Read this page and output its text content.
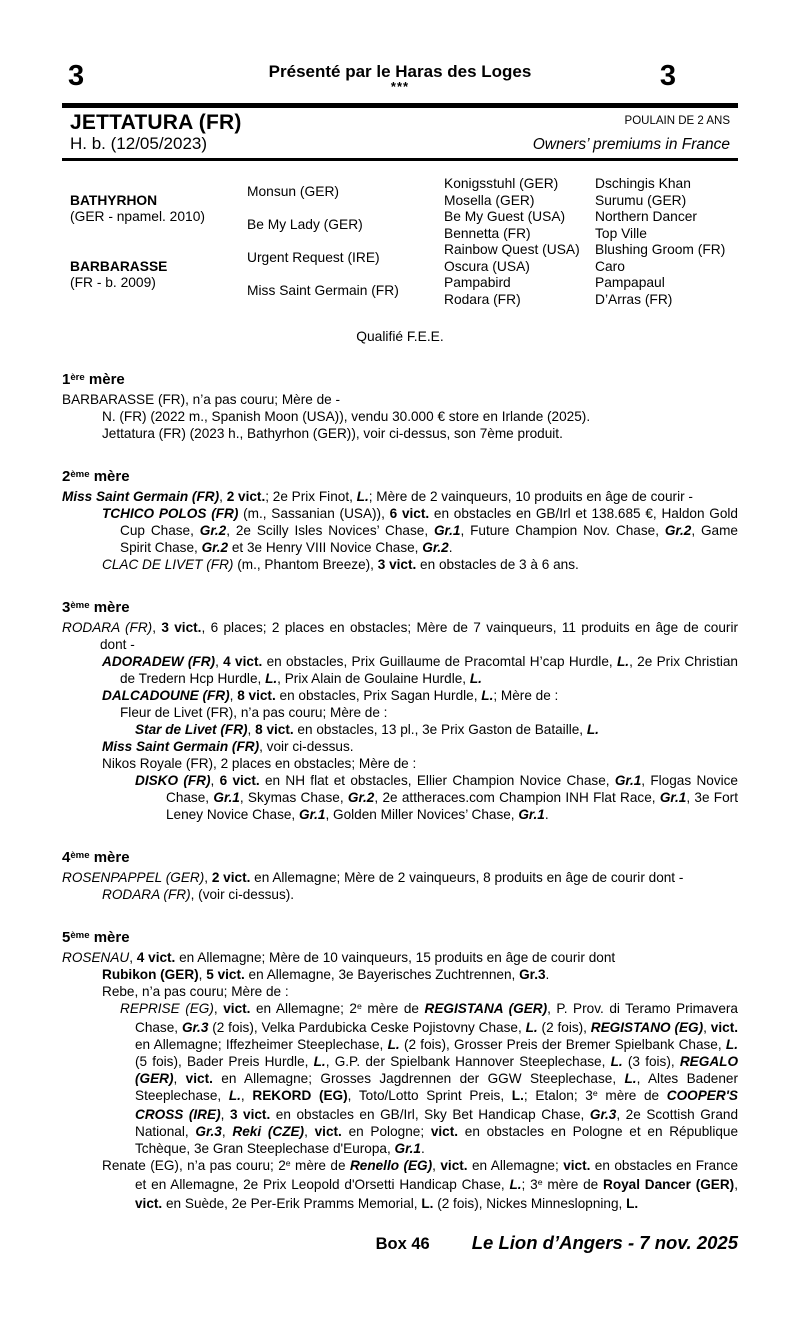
3	Présenté par le Haras des Loges
***	3
JETTATURA (FR)
H. b. (12/05/2023)
POULAIN DE 2 ANS
Owners’ premiums in France
BATHYRHON
(GER - npamel. 2010)
BARBARASSE
(FR - b. 2009)
Monsun (GER)
Be My Lady (GER)
Urgent Request (IRE)
Miss Saint Germain (FR)
Konigsstuhl (GER)
Mosella (GER)
Be My Guest (USA)
Bennetta (FR)
Rainbow Quest (USA)
Oscura (USA)
Pampabird
Rodara (FR)
Dschingis Khan
Surumu (GER)
Northern Dancer
Top Ville
Blushing Groom (FR)
Caro
Pampapaul
D’Arras (FR)
Qualifié F.E.E.
1ère mère

BARBARASSE (FR), n’a pas couru; Mère de -

N. (FR) (2022 m., Spanish Moon (USA)), vendu 30.000 € store en Irlande (2025).

Jettatura (FR) (2023 h., Bathyrhon (GER)), voir ci-dessus, son 7ème produit.

2ème mère

Miss Saint Germain (FR), 2 vict.; 2e Prix Finot, L.; Mère de 2 vainqueurs, 10 produits en âge de courir -

TCHICO POLOS (FR) (m., Sassanian (USA)), 6 vict. en obstacles en GB/Irl et 138.685 €, Haldon Gold Cup Chase, Gr.2, 2e Scilly Isles Novices’ Chase, Gr.1, Future Champion Nov. Chase, Gr.2, Game Spirit Chase, Gr.2 et 3e Henry VIII Novice Chase, Gr.2.

CLAC DE LIVET (FR) (m., Phantom Breeze), 3 vict. en obstacles de 3 à 6 ans.

3ème mère

RODARA (FR), 3 vict., 6 places; 2 places en obstacles; Mère de 7 vainqueurs, 11 produits en âge de courir dont -

ADORADEW (FR), 4 vict. en obstacles, Prix Guillaume de Pracomtal H’cap Hurdle, L., 2e Prix Christian de Tredern Hcp Hurdle, L., Prix Alain de Goulaine Hurdle, L.

DALCADOUNE (FR), 8 vict. en obstacles, Prix Sagan Hurdle, L.; Mère de :

Fleur de Livet (FR), n’a pas couru; Mère de :

Star de Livet (FR), 8 vict. en obstacles, 13 pl., 3e Prix Gaston de Bataille, L.

Miss Saint Germain (FR), voir ci-dessus.

Nikos Royale (FR), 2 places en obstacles; Mère de :

DISKO (FR), 6 vict. en NH flat et obstacles, Ellier Champion Novice Chase, Gr.1, Flogas Novice Chase, Gr.1, Skymas Chase, Gr.2, 2e attheraces.com Champion INH Flat Race, Gr.1, 3e Fort Leney Novice Chase, Gr.1, Golden Miller Novices’ Chase, Gr.1.

4ème mère

ROSENPAPPEL (GER), 2 vict. en Allemagne; Mère de 2 vainqueurs, 8 produits en âge de courir dont -

RODARA (FR), (voir ci-dessus).

5ème mère

ROSENAU, 4 vict. en Allemagne; Mère de 10 vainqueurs, 15 produits en âge de courir dont

Rubikon (GER), 5 vict. en Allemagne, 3e Bayerisches Zuchtrennen, Gr.3.

Rebe, n’a pas couru; Mère de :

REPRISE (EG), vict. en Allemagne; 2e mère de REGISTANA (GER), P. Prov. di Teramo Primavera Chase, Gr.3 (2 fois), Velka Pardubicka Ceske Pojistovny Chase, L. (2 fois), REGISTANO (EG), vict. en Allemagne; Iffezheimer Steeplechase, L. (2 fois), Grosser Preis der Bremer Spielbank Chase, L. (5 fois), Bader Preis Hurdle, L., G.P. der Spielbank Hannover Steeplechase, L. (3 fois), REGALO (GER), vict. en Allemagne; Grosses Jagdrennen der GGW Steeplechase, L., Altes Badener Steeplechase, L., REKORD (EG), Toto/Lotto Sprint Preis, L.; Etalon; 3e mère de COOPER'S CROSS (IRE), 3 vict. en obstacles en GB/Irl, Sky Bet Handicap Chase, Gr.3, 2e Scottish Grand National, Gr.3, Reki (CZE), vict. en Pologne; vict. en obstacles en Pologne et en République Tchèque, 3e Gran Steeplechase d'Europa, Gr.1.

Renate (EG), n’a pas couru; 2e mère de Renello (EG), vict. en Allemagne; vict. en obstacles en France et en Allemagne, 2e Prix Leopold d'Orsetti Handicap Chase, L.; 3e mère de Royal Dancer (GER), vict. en Suède, 2e Per-Erik Pramms Memorial, L. (2 fois), Nickes Minneslopning, L.

Box 46 Le Lion d’Angers - 7 nov. 2025
